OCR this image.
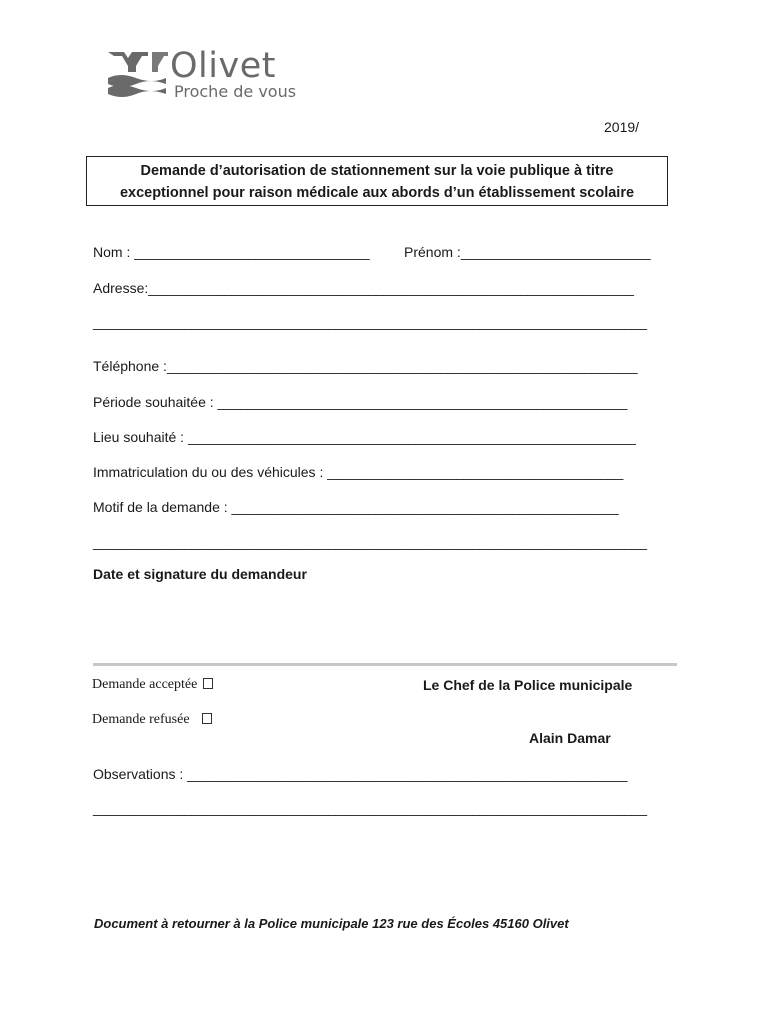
Olivet
Proche de vous
2019/
Demande d’autorisation de stationnement sur la voie publique à titre
exceptionnel pour raison médicale aux abords d’un établissement scolaire
Nom : _______________________________ Prénom :_________________________
Adresse:________________________________________________________________
_________________________________________________________________________
Téléphone :______________________________________________________________
Période souhaitée : ______________________________________________________
Lieu souhaité : ___________________________________________________________
Immatriculation du ou des véhicules : _______________________________________
Motif de la demande : ___________________________________________________
_________________________________________________________________________
Date et signature du demandeur
Demande acceptée
Demande refusée
Le Chef de la Police municipale
Alain Damar
Observations : __________________________________________________________
_________________________________________________________________________
Document à retourner à la Police municipale 123 rue des Écoles 45160 Olivet
